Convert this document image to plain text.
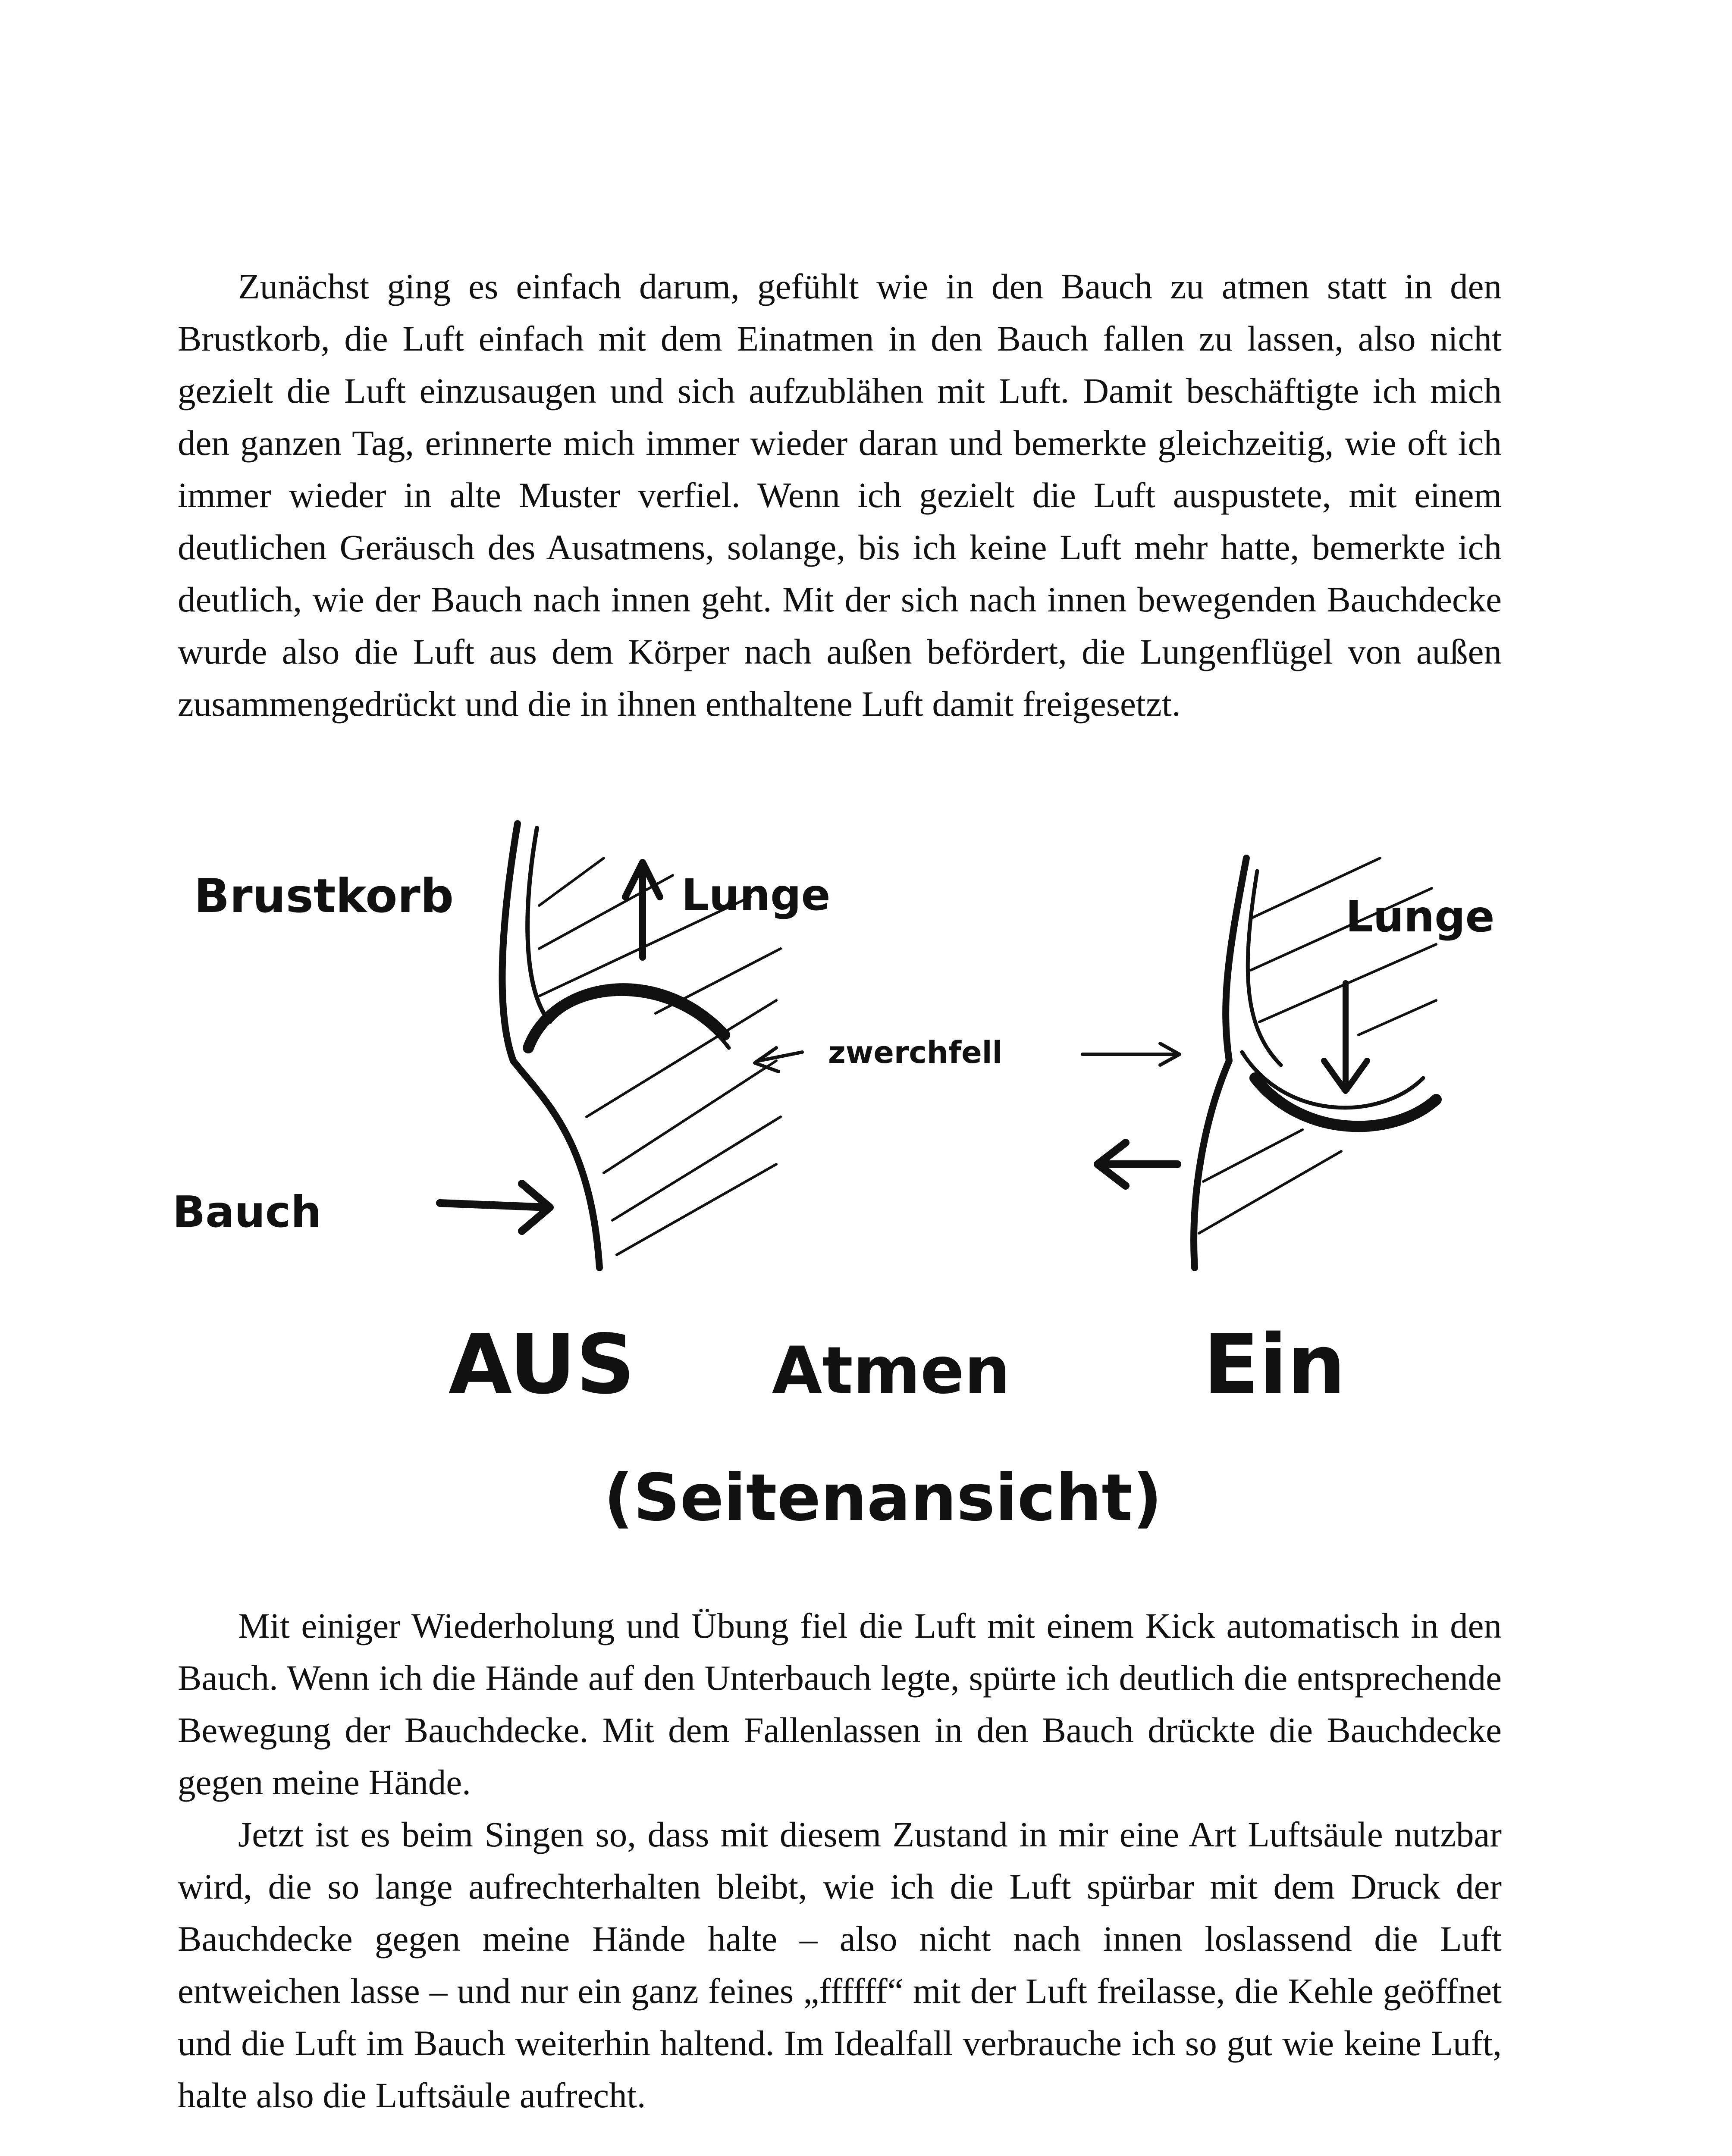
Zunächst ging es einfach darum, gefühlt wie in den Bauch zu atmen statt in den Brustkorb, die Luft einfach mit dem Einatmen in den Bauch fallen zu lassen, also nicht gezielt die Luft einzusaugen und sich aufzublähen mit Luft. Damit beschäftigte ich mich den ganzen Tag, erinnerte mich immer wieder daran und bemerkte gleichzeitig, wie oft ich immer wieder in alte Muster verfiel. Wenn ich gezielt die Luft auspustete, mit einem deutlichen Geräusch des Ausatmens, solange, bis ich keine Luft mehr hatte, bemerkte ich deutlich, wie der Bauch nach innen geht. Mit der sich nach innen bewegenden Bauchdecke wurde also die Luft aus dem Körper nach außen befördert, die Lungenflügel von außen zusammengedrückt und die in ihnen enthaltene Luft damit freigesetzt.

Brustkorb	Lunge	Lunge
zwerchfell
Bauch
AUS Atmen Ein
(Seitenansicht)

Mit einiger Wiederholung und Übung fiel die Luft mit einem Kick automatisch in den Bauch. Wenn ich die Hände auf den Unterbauch legte, spürte ich deutlich die entsprechende Bewegung der Bauchdecke. Mit dem Fallenlassen in den Bauch drückte die Bauchdecke gegen meine Hände.

Jetzt ist es beim Singen so, dass mit diesem Zustand in mir eine Art Luftsäule nutzbar wird, die so lange aufrechterhalten bleibt, wie ich die Luft spürbar mit dem Druck der Bauchdecke gegen meine Hände halte – also nicht nach innen loslassend die Luft entweichen lasse – und nur ein ganz feines „ffffff“ mit der Luft freilasse, die Kehle geöffnet und die Luft im Bauch weiterhin haltend. Im Idealfall verbrauche ich so gut wie keine Luft, halte also die Luftsäule aufrecht.
